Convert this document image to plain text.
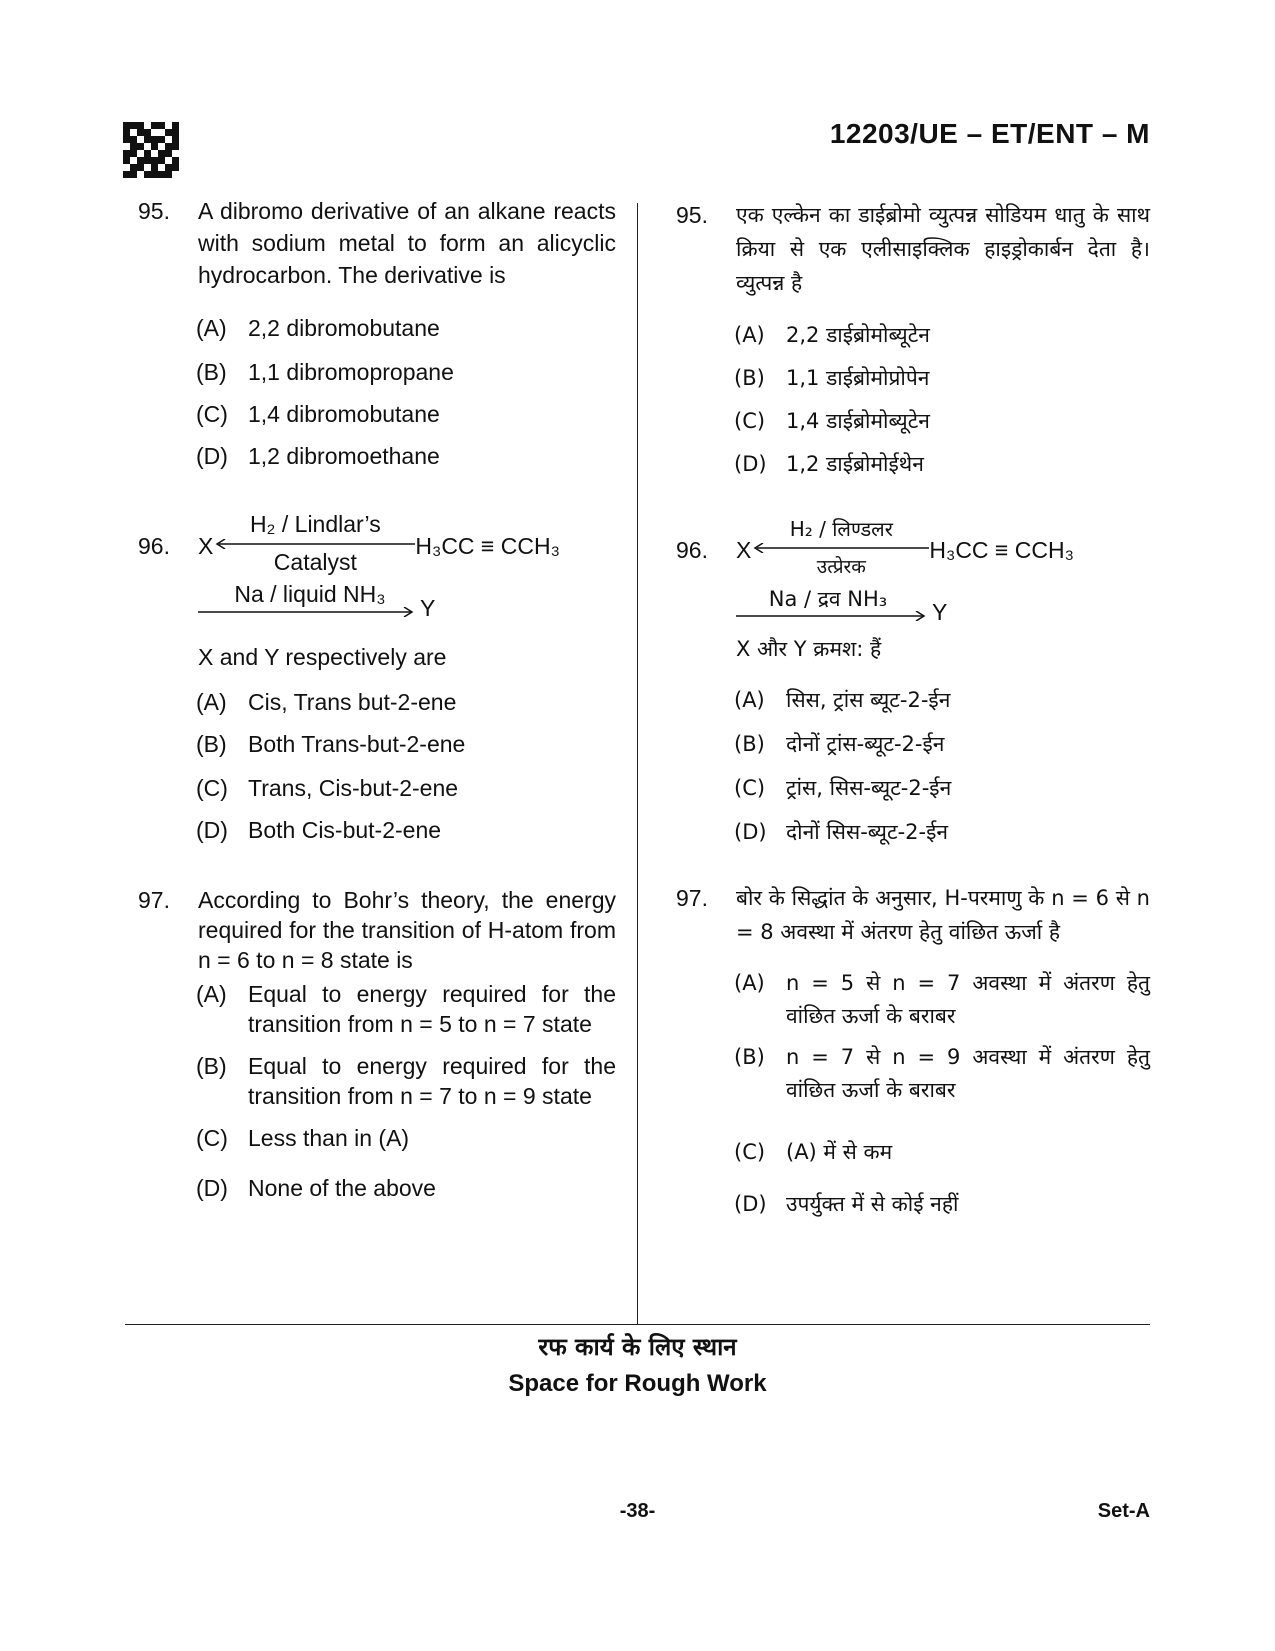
12203/UE – ET/ENT – M
95.	A dibromo derivative of an alkane reacts with sodium metal to form an alicyclic hydrocarbon. The derivative is
(A) 2,2 dibromobutane
(B) 1,1 dibromopropane
(C) 1,4 dibromobutane
(D) 1,2 dibromoethane
96.	X
H₂ / Lindlar’s
Catalyst
H₃CC ≡ CCH₃
Na / liquid NH₃
Y
X and Y respectively are
(A) Cis, Trans but-2-ene
(B) Both Trans-but-2-ene
(C) Trans, Cis-but-2-ene
(D) Both Cis-but-2-ene
97.	According to Bohr’s theory, the energy required for the transition of H-atom from n = 6 to n = 8 state is
(A) Equal to energy required for the transition from n = 5 to n = 7 state
(B) Equal to energy required for the transition from n = 7 to n = 9 state
(C) Less than in (A)
(D) None of the above
95.	एक एल्केन का डाईब्रोमो व्युत्पन्न सोडियम धातु के साथ क्रिया से एक एलीसाइक्लिक हाइड्रोकार्बन देता है। व्युत्पन्न है
(A)	2,2 डाईब्रोमोब्यूटेन
(B)	1,1 डाईब्रोमोप्रोपेन
(C) 1,4 डाईब्रोमोब्यूटेन
(D) 1,2 डाईब्रोमोईथेन
96.	X
H₂ / लिण्डलर
उत्प्रेरक
H₃CC ≡ CCH₃
Na / द्रव NH₃	Y
X और Y क्रमश: हैं
(A)	सिस, ट्रांस ब्यूट-2-ईन
(B)	दोनों ट्रांस-ब्यूट-2-ईन
(C) ट्रांस, सिस-ब्यूट-2-ईन
(D) दोनों सिस-ब्यूट-2-ईन
97.	बोर के सिद्धांत के अनुसार, H-परमाणु के n = 6 से n = 8 अवस्था में अंतरण हेतु वांछित ऊर्जा है
(A)	n = 5 से n = 7 अवस्था में अंतरण हेतु वांछित ऊर्जा के बराबर
(B)	n = 7 से n = 9 अवस्था में अंतरण हेतु वांछित ऊर्जा के बराबर
(C) (A) में से कम
(D) उपर्युक्त में से कोई नहीं
रफ कार्य के लिए स्थान
Space for Rough Work
-38-	Set-A
